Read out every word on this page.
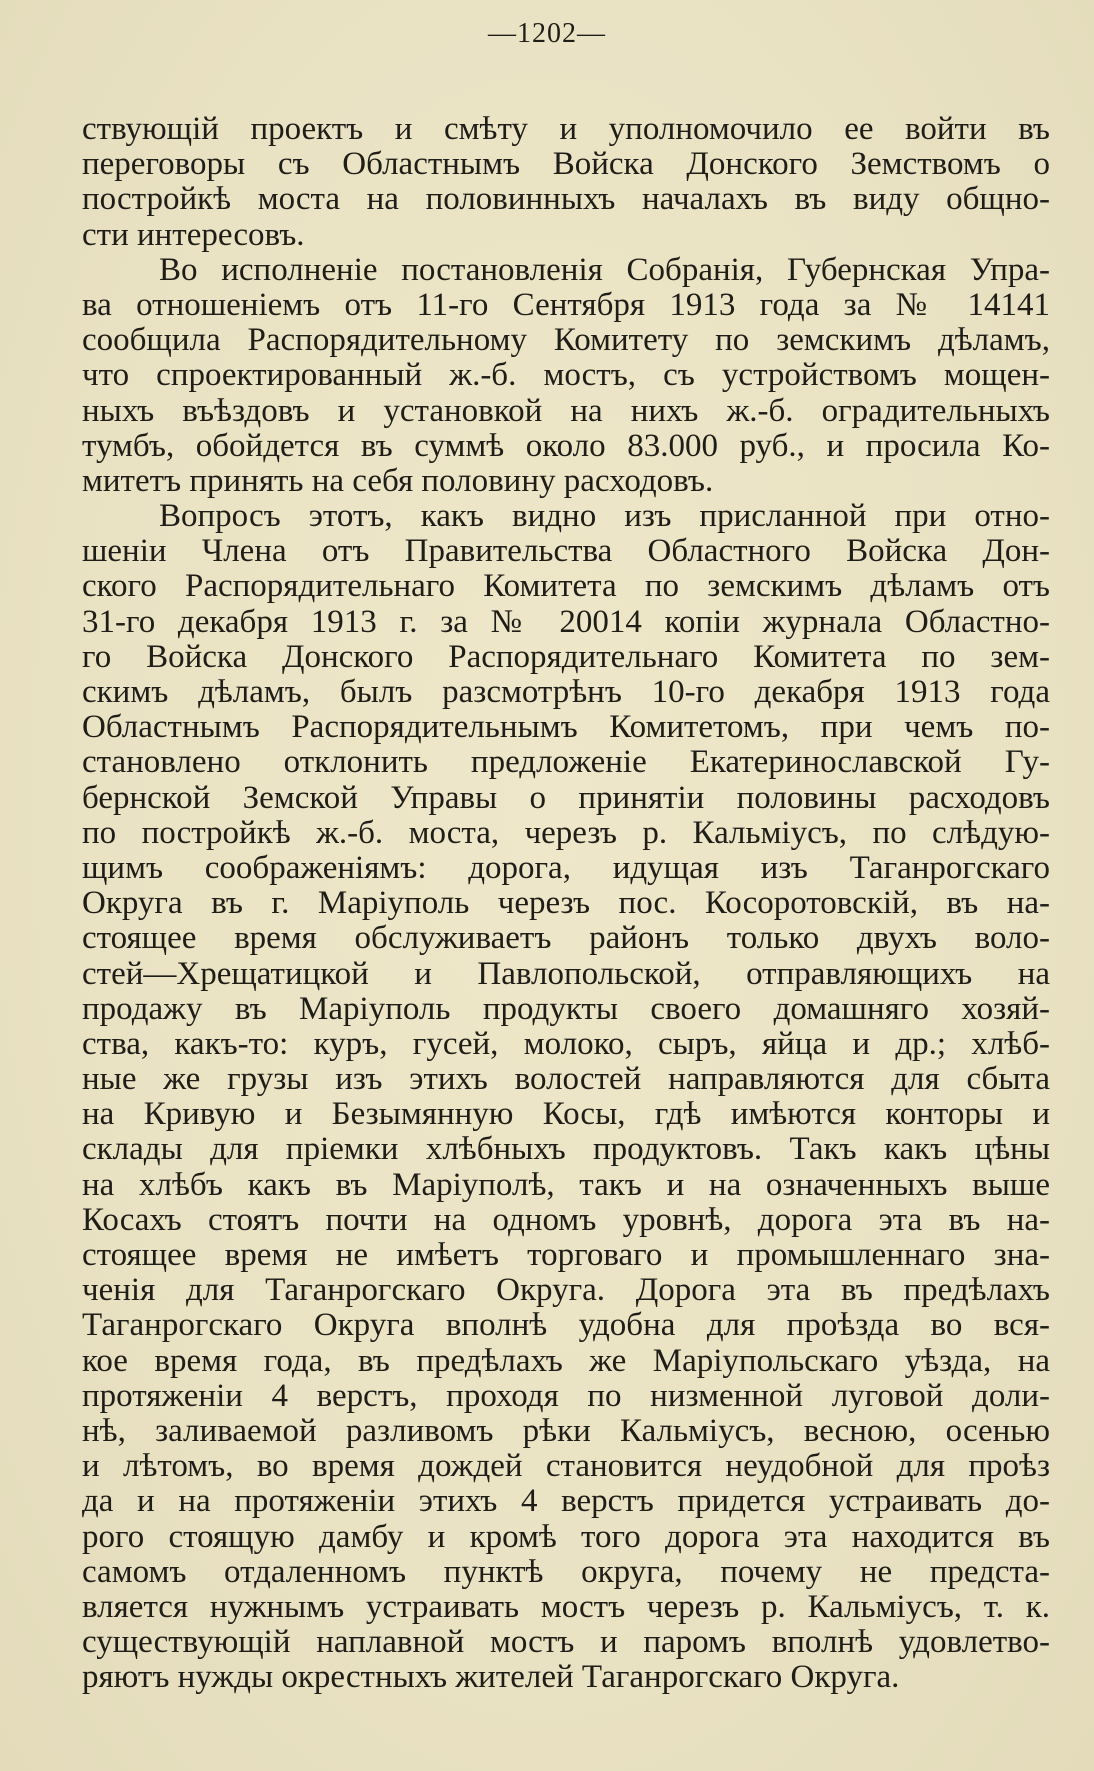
—1202—
ствующій проектъ и смѣту и уполномочило ее войти въ
переговоры съ Областнымъ Войска Донского Земствомъ о
постройкѣ моста на половинныхъ началахъ въ виду общно-
сти интересовъ.
Во исполненіе постановленія Собранія, Губернская Упра-
ва отношеніемъ отъ 11-го Сентября 1913 года за № 14141
сообщила Распорядительному Комитету по земскимъ дѣламъ,
что спроектированный ж.-б. мостъ, съ устройствомъ мощен-
ныхъ въѣздовъ и установкой на нихъ ж.-б. оградительныхъ
тумбъ, обойдется въ суммѣ около 83.000 руб., и просила Ко-
митетъ принять на себя половину расходовъ.
Вопросъ этотъ, какъ видно изъ присланной при отно-
шеніи Члена отъ Правительства Областного Войска Дон-
ского Распорядительнаго Комитета по земскимъ дѣламъ отъ
31-го декабря 1913 г. за № 20014 копіи журнала Областно-
го Войска Донского Распорядительнаго Комитета по зем-
скимъ дѣламъ, былъ разсмотрѣнъ 10-го декабря 1913 года
Областнымъ Распорядительнымъ Комитетомъ, при чемъ по-
становлено отклонить предложеніе Екатеринославской Гу-
бернской Земской Управы о принятіи половины расходовъ
по постройкѣ ж.-б. моста, черезъ р. Кальміусъ, по слѣдую-
щимъ соображеніямъ: дорога, идущая изъ Таганрогскаго
Округа въ г. Маріуполь черезъ пос. Косоротовскій, въ на-
стоящее время обслуживаетъ районъ только двухъ воло-
стей—Хрещатицкой и Павлопольской, отправляющихъ на
продажу въ Маріуполь продукты своего домашняго хозяй-
ства, какъ-то: куръ, гусей, молоко, сыръ, яйца и др.; хлѣб-
ные же грузы изъ этихъ волостей направляются для сбыта
на Кривую и Безымянную Косы, гдѣ имѣются конторы и
склады для пріемки хлѣбныхъ продуктовъ. Такъ какъ цѣны
на хлѣбъ какъ въ Маріуполѣ, такъ и на означенныхъ выше
Косахъ стоятъ почти на одномъ уровнѣ, дорога эта въ на-
стоящее время не имѣетъ торговаго и промышленнаго зна-
ченія для Таганрогскаго Округа. Дорога эта въ предѣлахъ
Таганрогскаго Округа вполнѣ удобна для проѣзда во вся-
кое время года, въ предѣлахъ же Маріупольскаго уѣзда, на
протяженіи 4 верстъ, проходя по низменной луговой доли-
нѣ, заливаемой разливомъ рѣки Кальміусъ, весною, осенью
и лѣтомъ, во время дождей становится неудобной для проѣз
да и на протяженіи этихъ 4 верстъ придется устраивать до-
рого стоящую дамбу и кромѣ того дорога эта находится въ
самомъ отдаленномъ пунктѣ округа, почему не предста-
вляется нужнымъ устраивать мостъ черезъ р. Кальміусъ, т. к.
существующій наплавной мостъ и паромъ вполнѣ удовлетво-
ряютъ нужды окрестныхъ жителей Таганрогскаго Округа.
